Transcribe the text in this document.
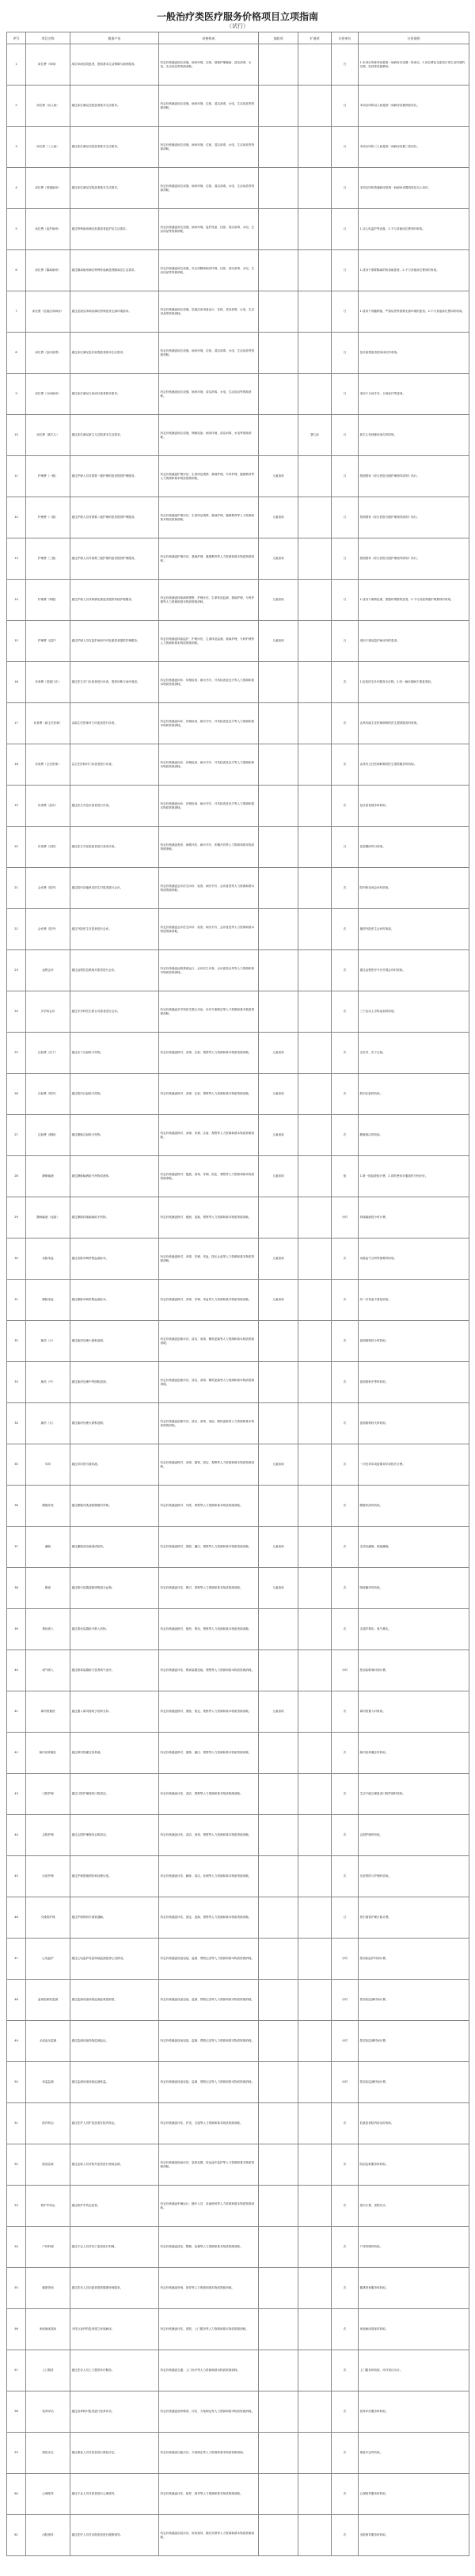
一般治疗类医疗服务价格项目立项指南
（试行）
序号	项目名称	服务产出	价格构成	加收项	扩展项	计价单位	计价说明
1	床位费（单间）	床位单间住院患者，提供基本生活保障与病房服务。	所定价格涵盖床位设施、病房环境、住宿、基础护理辅助、清洁消毒、水电、生活用品等资源消耗。			日	1.本项目所称单间是指一间病房仅设置一张床位。2.床位费包含患者日常生活所需的空调、电视等设施费用。
2	床位费（双人间）	通过床位满足住院患者基本生活需求。	所定价格涵盖床位设施、病房环境、住宿、清洁消毒、水电、生活用品等资源消耗。			日	本项目所称双人间是指一间病房设置两张床位。
3	床位费（三人间）	通过床位满足住院患者基本生活需求。	所定价格涵盖床位设施、病房环境、住宿、清洁消毒、水电、生活用品等资源消耗。			日	本项目所称三人间是指一间病房设置三张床位。
4	床位费（普通病房）	通过床位满足住院患者基本生活需求。	所定价格涵盖床位设施、病房环境、住宿、清洁消毒、水电、生活用品等资源消耗。			日	本项目所称普通病房是指一间病房设置四张及以上床位。
5	床位费（监护病房）	通过特殊病房满足危重患者监护及生活需求。	所定价格涵盖床位设施、病房环境、监护设备、住宿、清洁消毒、水电、生活用品等资源消耗。			日	1.含心电监护等设备。2.不与其他床位费同时收取。
6	床位费（隔离病房）	通过隔离病房满足特殊传染病患者隔离及生活需求。	所定价格涵盖床位设施、负压或隔离病房环境、住宿、清洁消毒、水电、生活用品等资源消耗。			日	1.适用于需要隔离的传染病患者。2.不与其他床位费同时收取。
7	床位费（层流洁净病房）	通过层流洁净病房满足特殊患者无菌环境需求。	所定价格涵盖床位设施、层流洁净设备运行、住宿、清洁消毒、水电、生活用品等资源消耗。			日	1.适用于骨髓移植、严重烧伤等需要无菌环境的患者。2.不与其他床位费同时收取。
8	床位费（急诊留观）	通过床位满足急诊留观患者基本生活需求。	所定价格涵盖床位设施、病房环境、住宿、清洁消毒、水电、生活用品等资源消耗。			日	急诊留观患者使用床位时收取。
9	床位费（日间病房）	通过床位满足日间治疗患者基本需求。	所定价格涵盖床位设施、病房环境、清洁消毒、水电、生活用品等资源消耗。			日	适用于日间手术、日间化疗等患者。
10	床位费（新生儿）	通过床位满足新生儿住院基本生活需求。	所定价格涵盖床位设施、保暖设备、病房环境、清洁消毒、水电等资源消耗。		婴儿床	日	新生儿单独使用床位时收取。
11	护理费（一级）	通过护理人员对需要一级护理的患者提供护理服务。	所定价格涵盖护理评估、生命体征观察、基础护理、专科护理、健康教育等人力资源和基本物质资源消耗。	儿童加收		日	按照国家《综合医院分级护理指导原则》执行。
12	护理费（二级）	通过护理人员对需要二级护理的患者提供护理服务。	所定价格涵盖护理评估、生命体征观察、基础护理、健康教育等人力资源和基本物质资源消耗。	儿童加收		日	按照国家《综合医院分级护理指导原则》执行。
13	护理费（三级）	通过护理人员对需要三级护理的患者提供护理服务。	所定价格涵盖护理评估、基础护理、健康教育等人力资源和基本物质资源消耗。	儿童加收		日	按照国家《综合医院分级护理指导原则》执行。
14	护理费（特级）	通过护理人员对病情危重患者提供持续护理服务。	所定价格涵盖持续病情观察、护理评估、生命体征监测、基础护理、专科护理等人力资源和基本物质资源消耗。	儿童加收		日	1.适用于病情危重、需随时观察的患者。2.不与其他等级护理费同时收取。
15	护理费（监护）	通过护理人员在监护病房内对危重患者提供护理服务。	所定价格涵盖持续监护、护理评估、生命体征监测、基础护理、专科护理等人力资源和基本物质资源消耗。	儿童加收		日	适用于重症监护病房内的患者。
16	诊查费（普通门诊）	通过医生对门诊患者进行诊查，提供诊断与治疗意见。	所定价格涵盖问诊、体格检查、病历书写、开具检查及处方等人力资源和基本物质资源消耗。			次	1.包括医生诊疗服务全过程。2.同一就诊期间不重复收取。
17	诊查费（副主任医师）	由副主任医师对门诊患者进行诊查。	所定价格涵盖问诊、体格检查、病历书写、开具检查及处方等人力资源和基本物质资源消耗。			次	由具有副主任医师职称的医生提供服务时收取。
18	诊查费（主任医师）	由主任医师对门诊患者进行诊查。	所定价格涵盖问诊、体格检查、病历书写、开具检查及处方等人力资源和基本物质资源消耗。			次	由具有主任医师职称的医生提供服务时收取。
19	诊查费（急诊）	通过医生对急诊患者进行诊查。	所定价格涵盖问诊、体格检查、病历书写、开具检查及处方等人力资源和基本物质资源消耗。			次	急诊患者就诊时收取。
20	诊查费（住院）	通过医生对住院患者进行查房诊查。	所定价格涵盖查房、病情评估、病历书写、医嘱开具等人力资源和基本物质资源消耗。			日	住院期间每日收取。
21	会诊费（院内）	通过院内其他科室医生对患者进行会诊。	所定价格涵盖会诊医生问诊、检查、病历书写、会诊意见等人力资源和基本物质资源消耗。			次	院内科室间会诊时收取。
22	会诊费（院外）	通过外院医生对患者进行会诊。	所定价格涵盖会诊医生问诊、检查、病历书写、会诊意见等人力资源和基本物质资源消耗。			次	邀请外院医生会诊时收取。
23	远程会诊	通过远程信息系统对患者进行会诊。	所定价格涵盖远程系统运行、会诊医生诊查、会诊意见出具等人力资源和基本物质资源消耗。			次	通过远程医疗平台开展会诊时收取。
24	多学科会诊	通过多学科医生联合对患者进行会诊。	所定价格涵盖多学科医生联合讨论、诊疗方案制定等人力资源和基本物质资源消耗。			次	三个及以上学科参加时收取。
25	注射费（皮下）	通过皮下注射给予药物。	所定价格涵盖核对、消毒、注射、观察等人力资源和基本物质资源消耗。	儿童加收		次	含皮内、皮下注射。
26	注射费（肌肉）	通过肌肉注射给予药物。	所定价格涵盖核对、消毒、注射、观察等人力资源和基本物质资源消耗。	儿童加收		次	肌肉注射时收取。
27	注射费（静脉）	通过静脉注射给予药物。	所定价格涵盖核对、消毒、穿刺、注射、观察等人力资源和基本物质资源消耗。	儿童加收		次	静脉推注时收取。
28	静脉输液	通过静脉输液给予药物或液体。	所定价格涵盖核对、配液、消毒、穿刺、固定、观察等人力资源和基本物质资源消耗。	儿童加收		组	1.第一组起按组计费。2.同时使用多通道时分别计价。
29	静脉输液（连续）	通过静脉持续输液给予药物。	所定价格涵盖核对、配液、更换、观察等人力资源和基本物质资源消耗。			小时	持续输液按小时计费。
30	动脉采血	通过动脉穿刺采集血液标本。	所定价格涵盖核对、消毒、穿刺、采血、按压止血等人力资源和基本物质资源消耗。	儿童加收		次	动脉血气分析等需要时收取。
31	静脉采血	通过静脉穿刺采集血液标本。	所定价格涵盖核对、消毒、穿刺、采血等人力资源和基本物质资源消耗。	儿童加收		次	同一次采血不重复收取。
32	换药（小）	通过换药处理小面积创面。	所定价格涵盖创面评估、清洁、消毒、敷料更换等人力资源和基本物质资源消耗。			次	创面面积较小时收取。
33	换药（中）	通过换药处理中等面积创面。	所定价格涵盖创面评估、清洁、消毒、敷料更换等人力资源和基本物质资源消耗。			次	创面面积中等时收取。
34	换药（大）	通过换药处理大面积创面。	所定价格涵盖创面评估、清洁、消毒、清创、敷料更换等人力资源和基本物质资源消耗。			次	创面面积较大时收取。
35	导尿	通过导尿管引流尿液。	所定价格涵盖核对、消毒、插管、固定、观察等人力资源和基本物质资源消耗。	儿童加收		次	一次性导尿或留置导尿均按次计费。
36	膀胱冲洗	通过膀胱冲洗清除膀胱内异物。	所定价格涵盖核对、冲洗、观察等人力资源和基本物质资源消耗。			次	膀胱冲洗时收取。
37	灌肠	通过灌肠清洁肠道或给药。	所定价格涵盖核对、插管、灌注、观察等人力资源和基本物质资源消耗。	儿童加收		次	含清洁灌肠、保留灌肠。
38	吸痰	通过吸引装置清除呼吸道分泌物。	所定价格涵盖评估、吸引、观察等人力资源和基本物质资源消耗。	儿童加收		次	吸痰操作时收取。
39	雾化吸入	通过雾化装置给予吸入药物。	所定价格涵盖核对、配药、雾化、观察等人力资源和基本物质资源消耗。			次	含超声雾化、氧气雾化。
40	氧气吸入	通过吸氧装置给予患者氧气治疗。	所定价格涵盖评估、吸氧装置连接、观察等人力资源和基本物质资源消耗。			小时	按实际吸氧时间计费。
41	鼻饲管置管	通过置入鼻饲管给予营养支持。	所定价格涵盖核对、置管、固定、观察等人力资源和基本物质资源消耗。	儿童加收		次	鼻饲管置入时收取。
42	肠内营养灌注	通过鼻饲管灌注营养液。	所定价格涵盖核对、配制、灌注、观察等人力资源和基本物质资源消耗。			次	肠内营养灌注时收取。
43	口腔护理	通过口腔护理保持口腔清洁。	所定价格涵盖评估、清洁、观察等人力资源和基本物质资源消耗。			次	生活不能自理患者口腔护理时收取。
44	会阴护理	通过会阴护理保持会阴清洁。	所定价格涵盖评估、清洁、消毒、观察等人力资源和基本物质资源消耗。			次	会阴护理时收取。
45	压疮护理	通过护理措施预防和处理压疮。	所定价格涵盖评估、翻身、清洁、处理等人力资源和基本物质资源消耗。			次	压疮预防与护理时收取。
46	引流管护理	通过护理保持引流管通畅。	所定价格涵盖评估、固定、更换、观察等人力资源和基本物质资源消耗。			日	按引流管护理日数计费。
47	心电监护	通过心电监护设备持续监测患者心电情况。	所定价格涵盖设备连接、监测、观察记录等人力资源和基本物质资源消耗。			小时	按实际监护时间计费。
48	血氧饱和度监测	通过监测设备持续监测血氧饱和度。	所定价格涵盖设备连接、监测、观察记录等人力资源和基本物质资源消耗。			小时	按实际监测时间计费。
49	无创血压监测	通过监测设备持续监测血压。	所定价格涵盖设备连接、监测、观察记录等人力资源和基本物质资源消耗。			小时	按实际监测时间计费。
50	体温监测	通过监测设备持续监测体温。	所定价格涵盖设备连接、监测、观察记录等人力资源和基本物质资源消耗。			小时	按实际监测时间计费。
51	院内转运	通过医护人员护送患者在院内转运。	所定价格涵盖评估、护送、交接等人力资源和基本物质资源消耗。			次	危重患者院内转运时收取。
52	院前急救	通过急救人员对院外患者进行现场急救。	所定价格涵盖现场评估、急救处置、转运途中监护等人力资源和基本物质资源消耗。			次	院前急救服务时收取。
53	救护车转运	通过救护车转运患者。	所定价格涵盖车辆运行、随车人员、设备使用等人力资源和基本物质资源消耗。			次	按次计费，里程另计。
54	尸体料理	通过专业人员对死亡患者进行料理。	所定价格涵盖清洁、整理、包裹等人力资源和基本物质资源消耗。			次	尸体料理时收取。
55	健康咨询	通过医务人员向患者提供健康咨询服务。	所定价格涵盖咨询、指导等人力资源和基本物质资源消耗。			次	健康咨询服务时收取。
56	家庭病床建床	为符合条件的患者建立家庭病床。	所定价格涵盖评估、建档、上门服务等人力资源和基本物质资源消耗。			次	家庭病床建床时收取。
57	上门服务	通过医务人员上门提供诊疗服务。	所定价格涵盖交通、上门诊疗等人力资源和基本物质资源消耗。			次	上门服务时收取，诊疗项目另计。
58	营养评估	通过营养师对患者进行营养评估。	所定价格涵盖营养筛查、评估、方案制定等人力资源和基本物质资源消耗。			次	营养评估服务时收取。
59	康复评定	通过康复人员对患者进行康复评定。	所定价格涵盖功能评估、方案制定等人力资源和基本物质资源消耗。			次	康复评定时收取。
60	心理疏导	通过专业人员对患者进行心理疏导。	所定价格涵盖评估、疏导、指导等人力资源和基本物质资源消耗。			次	心理疏导服务时收取。
61	出院指导	通过医护人员对出院患者进行健康指导。	所定价格涵盖出院评估、用药指导、随访安排等人力资源和基本物质资源消耗。			次	出院指导服务时收取。
